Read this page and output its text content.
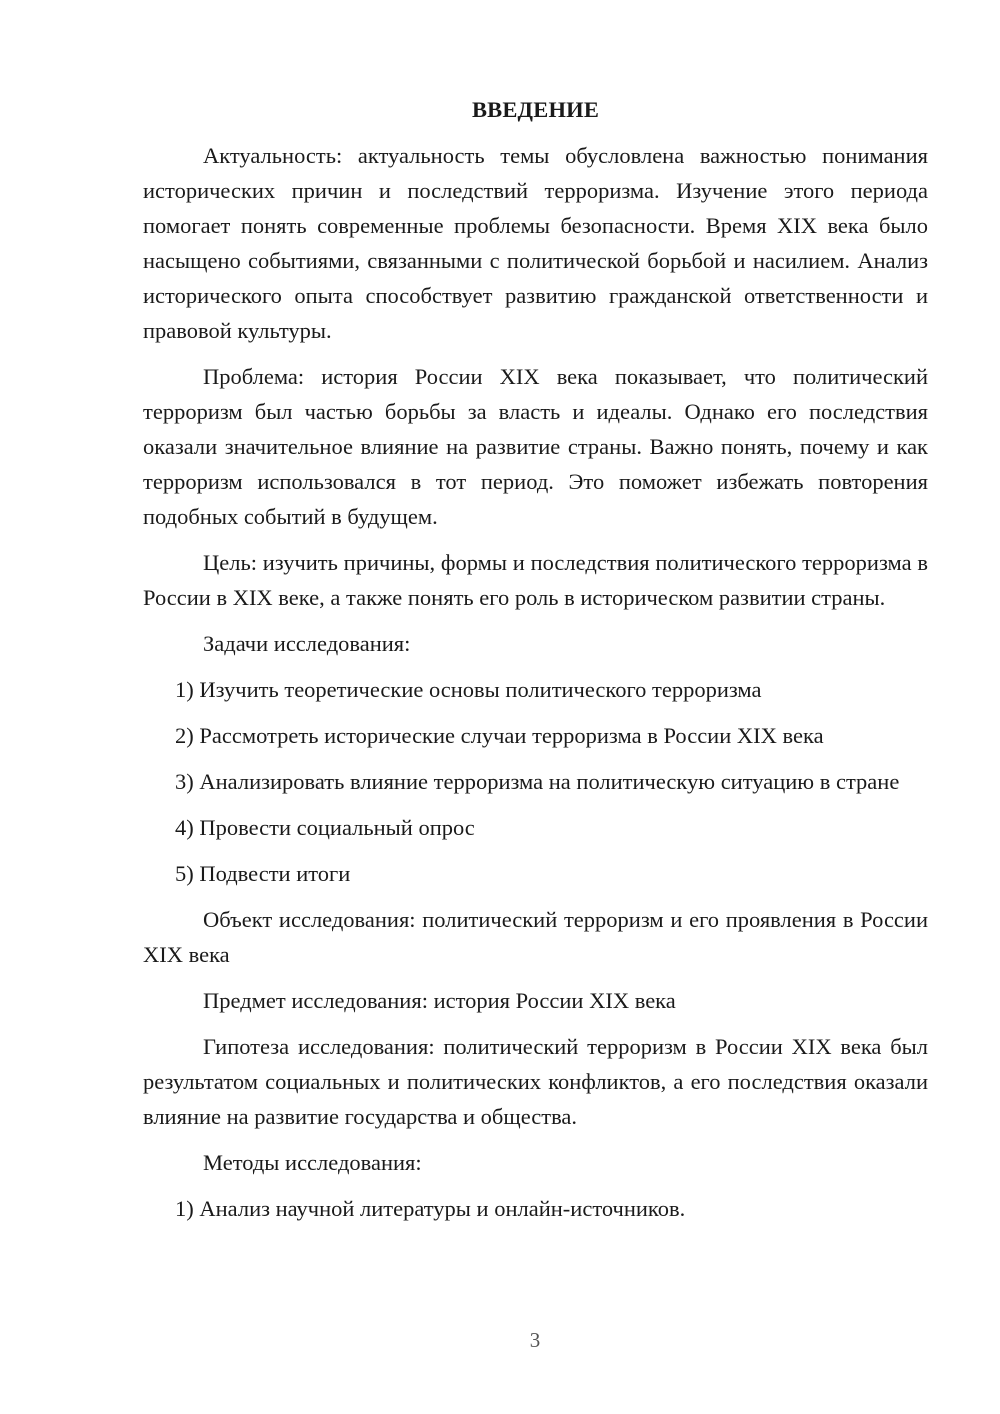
ВВЕДЕНИЕ

Актуальность: актуальность темы обусловлена важностью понимания исторических причин и последствий терроризма. Изучение этого периода помогает понять современные проблемы безопасности. Время XIX века было насыщено событиями, связанными с политической борьбой и насилием. Анализ исторического опыта способствует развитию гражданской ответственности и правовой культуры.

Проблема: история России XIX века показывает, что политический терроризм был частью борьбы за власть и идеалы. Однако его последствия оказали значительное влияние на развитие страны. Важно понять, почему и как терроризм использовался в тот период. Это поможет избежать повторения подобных событий в будущем.

Цель: изучить причины, формы и последствия политического терроризма в России в XIX веке, а также понять его роль в историческом развитии страны.

Задачи исследования:

1) Изучить теоретические основы политического терроризма

2) Рассмотреть исторические случаи терроризма в России XIX века

3) Анализировать влияние терроризма на политическую ситуацию в стране

4) Провести социальный опрос

5) Подвести итоги

Объект исследования: политический терроризм и его проявления в России XIX века

Предмет исследования: история России XIX века

Гипотеза исследования: политический терроризм в России XIX века был результатом социальных и политических конфликтов, а его последствия оказали влияние на развитие государства и общества.

Методы исследования:

1) Анализ научной литературы и онлайн-источников.

3
